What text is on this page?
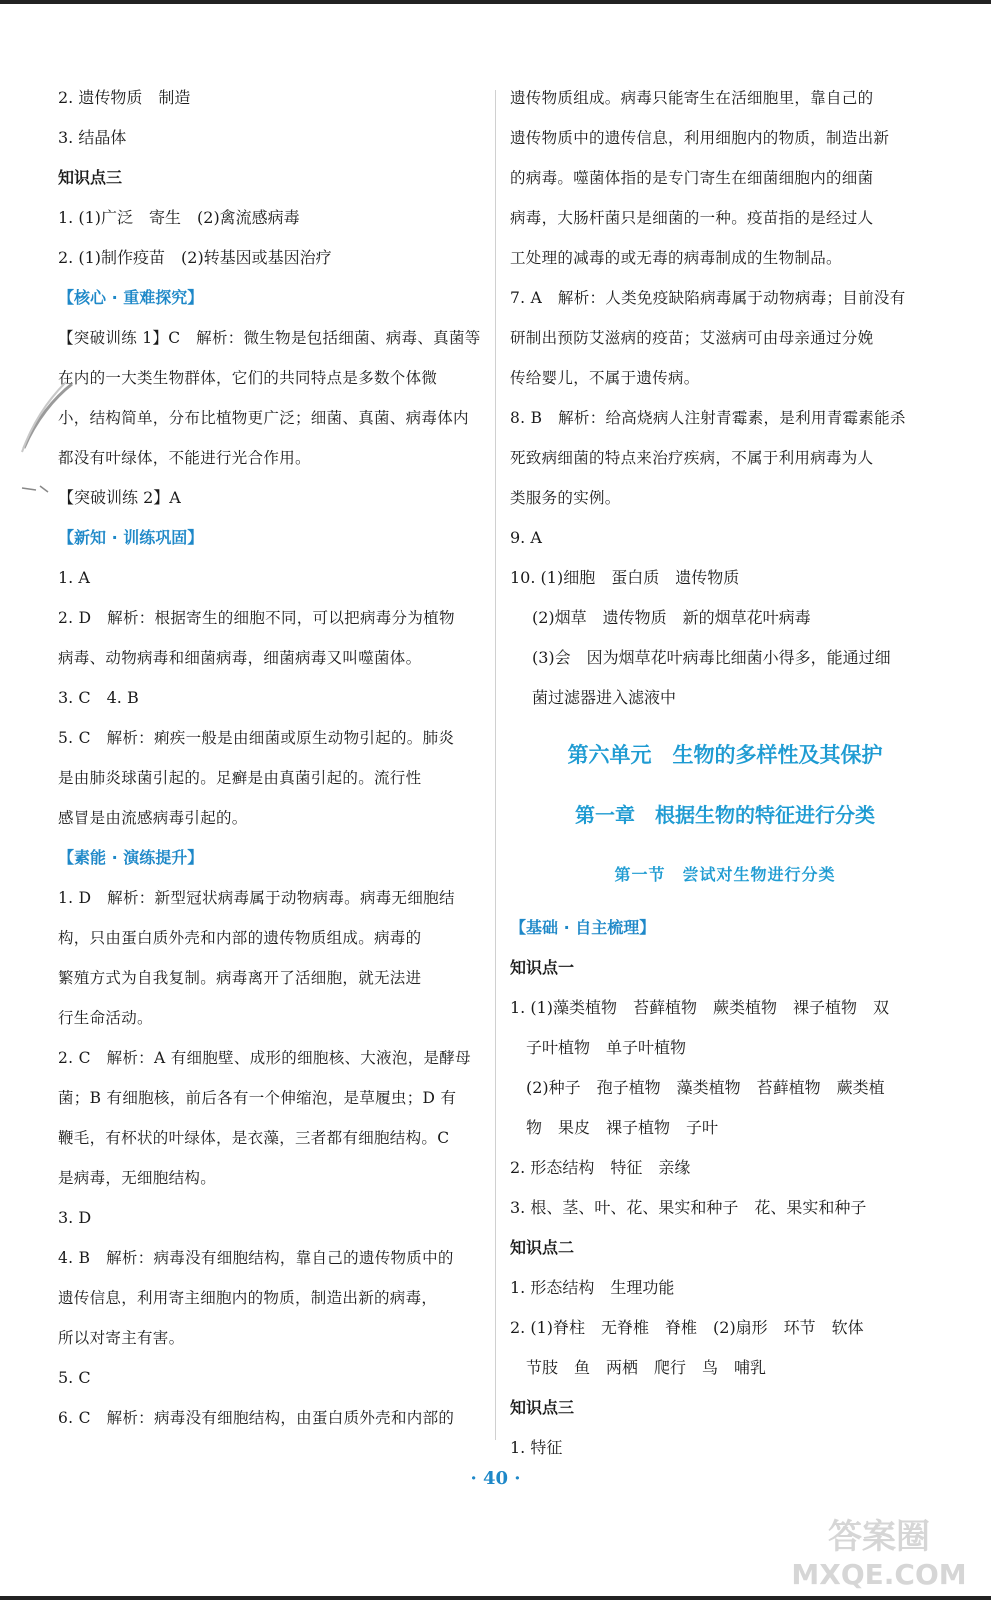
2. 遗传物质　制造

3. 结晶体

知识点三

1. (1)广泛　寄生　(2)禽流感病毒

2. (1)制作疫苗　(2)转基因或基因治疗

【核心 · 重难探究】

【突破训练 1】C　解析：微生物是包括细菌、病毒、真菌等

在内的一大类生物群体，它们的共同特点是多数个体微

小，结构简单，分布比植物更广泛；细菌、真菌、病毒体内

都没有叶绿体，不能进行光合作用。

【突破训练 2】A

【新知 · 训练巩固】

1. A

2. D　解析：根据寄生的细胞不同，可以把病毒分为植物

病毒、动物病毒和细菌病毒，细菌病毒又叫噬菌体。

3. C　4. B

5. C　解析：痢疾一般是由细菌或原生动物引起的。肺炎

是由肺炎球菌引起的。足癣是由真菌引起的。流行性

感冒是由流感病毒引起的。

【素能 · 演练提升】

1. D　解析：新型冠状病毒属于动物病毒。病毒无细胞结

构，只由蛋白质外壳和内部的遗传物质组成。病毒的

繁殖方式为自我复制。病毒离开了活细胞，就无法进

行生命活动。

2. C　解析：A 有细胞壁、成形的细胞核、大液泡，是酵母

菌；B 有细胞核，前后各有一个伸缩泡，是草履虫；D 有

鞭毛，有杯状的叶绿体，是衣藻，三者都有细胞结构。C

是病毒，无细胞结构。

3. D

4. B　解析：病毒没有细胞结构，靠自己的遗传物质中的

遗传信息，利用寄主细胞内的物质，制造出新的病毒，

所以对寄主有害。

5. C

6. C　解析：病毒没有细胞结构，由蛋白质外壳和内部的

遗传物质组成。病毒只能寄生在活细胞里，靠自己的

遗传物质中的遗传信息，利用细胞内的物质，制造出新

的病毒。噬菌体指的是专门寄生在细菌细胞内的细菌

病毒，大肠杆菌只是细菌的一种。疫苗指的是经过人

工处理的减毒的或无毒的病毒制成的生物制品。

7. A　解析：人类免疫缺陷病毒属于动物病毒；目前没有

研制出预防艾滋病的疫苗；艾滋病可由母亲通过分娩

传给婴儿，不属于遗传病。

8. B　解析：给高烧病人注射青霉素，是利用青霉素能杀

死致病细菌的特点来治疗疾病，不属于利用病毒为人

类服务的实例。

9. A

10. (1)细胞　蛋白质　遗传物质

(2)烟草　遗传物质　新的烟草花叶病毒

(3)会　因为烟草花叶病毒比细菌小得多，能通过细

菌过滤器进入滤液中

第六单元　生物的多样性及其保护
第一章　根据生物的特征进行分类
第一节　尝试对生物进行分类

【基础 · 自主梳理】

知识点一

1. (1)藻类植物　苔藓植物　蕨类植物　裸子植物　双

子叶植物　单子叶植物

(2)种子　孢子植物　藻类植物　苔藓植物　蕨类植

物　果皮　裸子植物　子叶

2. 形态结构　特征　亲缘

3. 根、茎、叶、花、果实和种子　花、果实和种子

知识点二

1. 形态结构　生理功能

2. (1)脊柱　无脊椎　脊椎　(2)扇形　环节　软体

节肢　鱼　两栖　爬行　鸟　哺乳

知识点三

1. 特征

· 40 ·
答案圈
MXQE.COM
